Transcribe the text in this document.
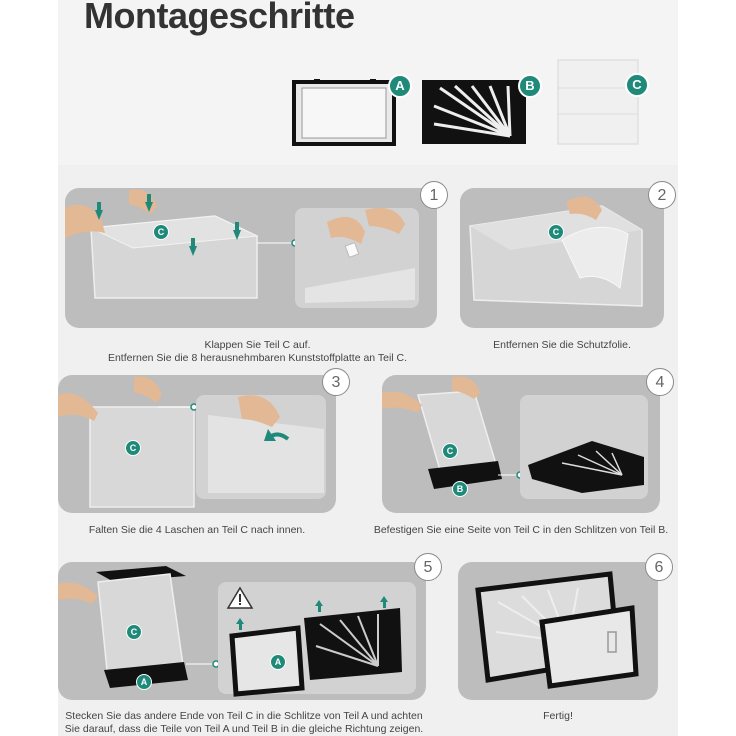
Montageschritte
A	B	C
C
1
Klappen Sie Teil C auf.
Entfernen Sie die 8 herausnehmbaren Kunststoffplatte an Teil C.
C
2
Entfernen Sie die Schutzfolie.
C
3
Falten Sie die 4 Laschen an Teil C nach innen.
C
B
4
Befestigen Sie eine Seite von Teil C in den Schlitzen von Teil B.
C
A
A
5
Stecken Sie das andere Ende von Teil C in die Schlitze von Teil A und achten
Sie darauf, dass die Teile von Teil A und Teil B in die gleiche Richtung zeigen.
6
Fertig!
